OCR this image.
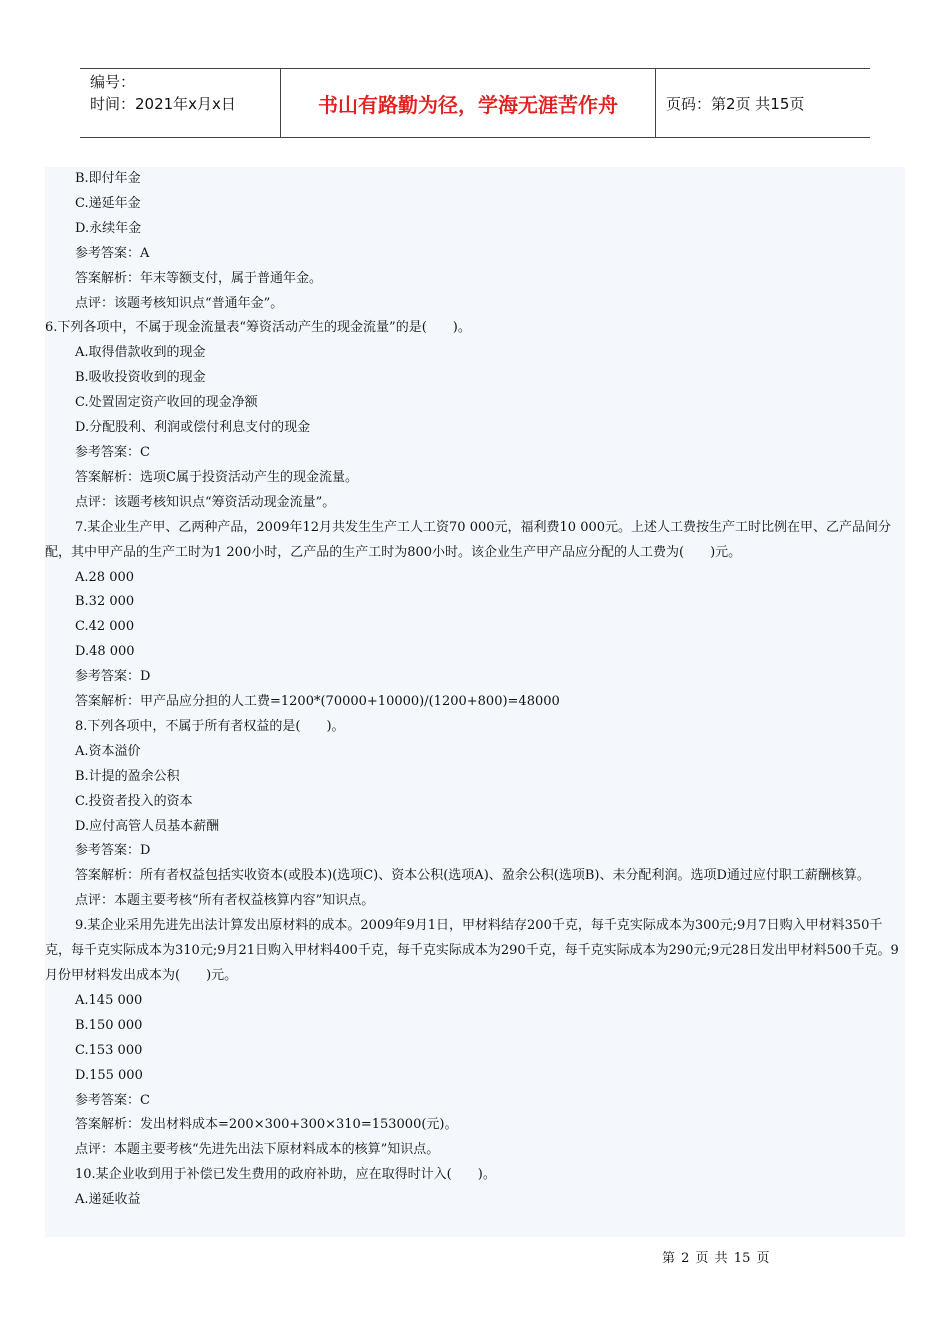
编号：
时间：2021年x月x日	书山有路勤为径，学海无涯苦作舟	页码：第2页 共15页
B.即付年金
C.递延年金
D.永续年金
参考答案：A
答案解析：年末等额支付，属于普通年金。
点评：该题考核知识点“普通年金”。
6.下列各项中，不属于现金流量表“筹资活动产生的现金流量”的是(　　)。
A.取得借款收到的现金
B.吸收投资收到的现金
C.处置固定资产收回的现金净额
D.分配股利、利润或偿付利息支付的现金
参考答案：C
答案解析：选项C属于投资活动产生的现金流量。
点评：该题考核知识点“筹资活动现金流量”。
7.某企业生产甲、乙两种产品，2009年12月共发生生产工人工资70 000元，福利费10 000元。上述人工费按生产工时比例在甲、乙产品间分配，其中甲产品的生产工时为1 200小时，乙产品的生产工时为800小时。该企业生产甲产品应分配的人工费为(　　)元。
A.28 000
B.32 000
C.42 000
D.48 000
参考答案：D
答案解析：甲产品应分担的人工费=1200*(70000+10000)/(1200+800)=48000
8.下列各项中，不属于所有者权益的是(　　)。
A.资本溢价
B.计提的盈余公积
C.投资者投入的资本
D.应付高管人员基本薪酬
参考答案：D
答案解析：所有者权益包括实收资本(或股本)(选项C)、资本公积(选项A)、盈余公积(选项B)、未分配利润。选项D通过应付职工薪酬核算。
点评：本题主要考核“所有者权益核算内容”知识点。
9.某企业采用先进先出法计算发出原材料的成本。2009年9月1日，甲材料结存200千克，每千克实际成本为300元;9月7日购入甲材料350千克，每千克实际成本为310元;9月21日购入甲材料400千克，每千克实际成本为290千克，每千克实际成本为290元;9元28日发出甲材料500千克。9月份甲材料发出成本为(　　)元。
A.145 000
B.150 000
C.153 000
D.155 000
参考答案：C
答案解析：发出材料成本=200×300+300×310=153000(元)。
点评：本题主要考核“先进先出法下原材料成本的核算”知识点。
10.某企业收到用于补偿已发生费用的政府补助，应在取得时计入(　　)。
A.递延收益
第 2 页 共 15 页
